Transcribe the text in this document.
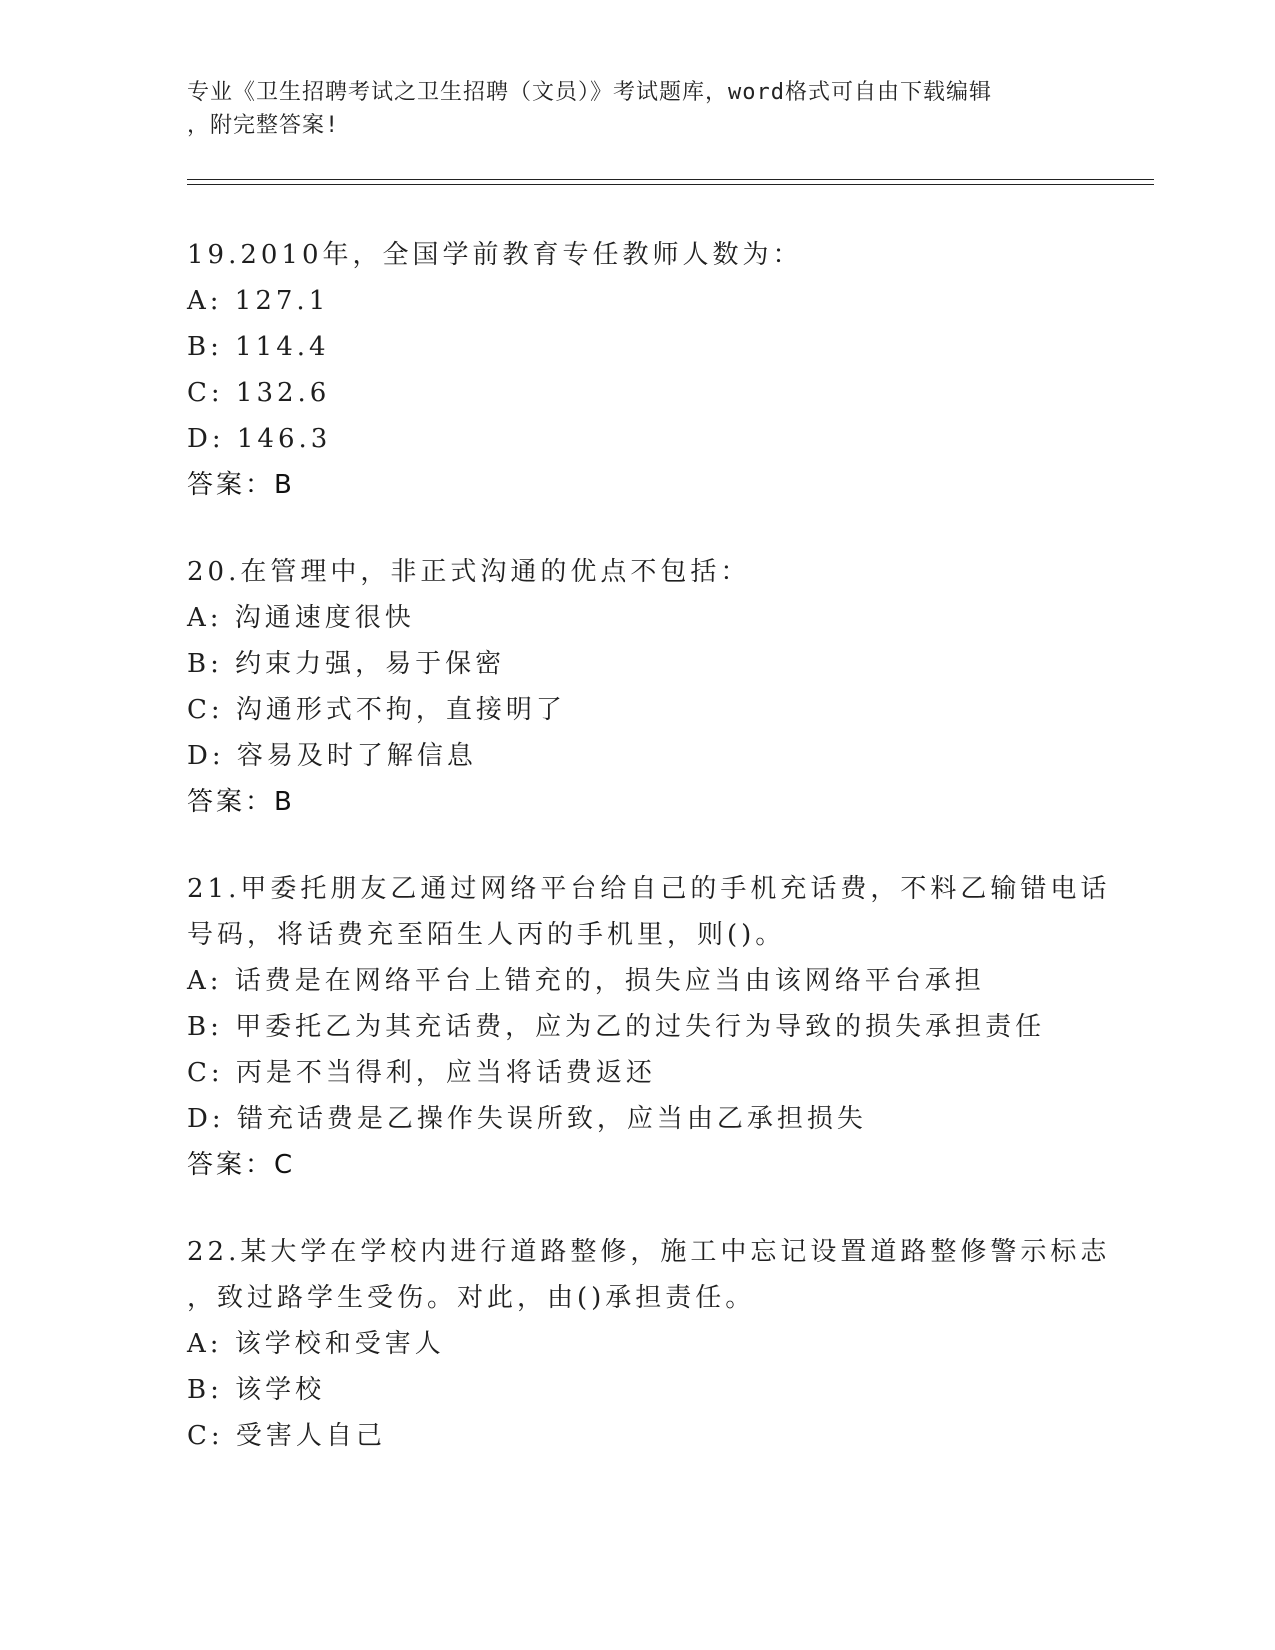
专业《卫生招聘考试之卫生招聘（文员）》考试题库，word格式可自由下载编辑
，附完整答案!
19.2010年，全国学前教育专任教师人数为：
A: 127.1
B: 114.4
C: 132.6
D: 146.3
答案：B
20.在管理中，非正式沟通的优点不包括：
A: 沟通速度很快
B: 约束力强，易于保密
C: 沟通形式不拘，直接明了
D: 容易及时了解信息
答案：B
21.甲委托朋友乙通过网络平台给自己的手机充话费，不料乙输错电话
号码，将话费充至陌生人丙的手机里，则()。
A: 话费是在网络平台上错充的，损失应当由该网络平台承担
B: 甲委托乙为其充话费，应为乙的过失行为导致的损失承担责任
C: 丙是不当得利，应当将话费返还
D: 错充话费是乙操作失误所致，应当由乙承担损失
答案：C
22.某大学在学校内进行道路整修，施工中忘记设置道路整修警示标志
，致过路学生受伤。对此，由()承担责任。
A: 该学校和受害人
B: 该学校
C: 受害人自己
